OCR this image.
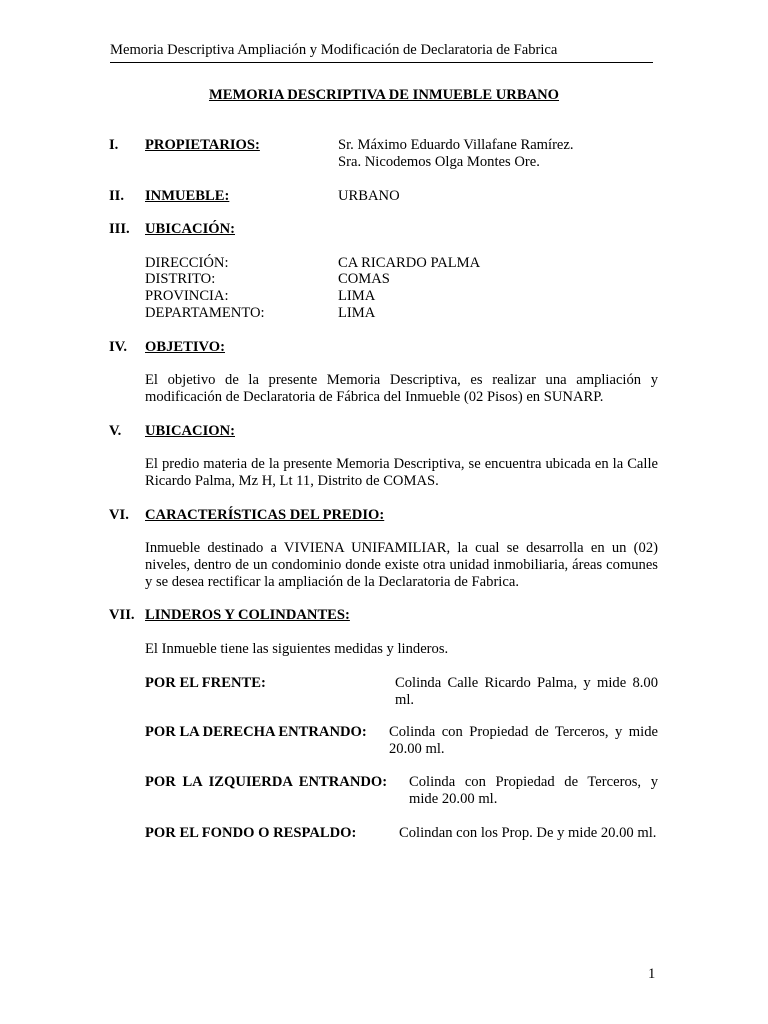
Memoria Descriptiva Ampliación y Modificación de Declaratoria de Fabrica
MEMORIA DESCRIPTIVA DE INMUEBLE URBANO
I. PROPIETARIOS:	Sr. Máximo Eduardo Villafane Ramírez.
Sra. Nicodemos Olga Montes Ore.
II. INMUEBLE:	URBANO
III. UBICACIÓN:
DIRECCIÓN:	CA RICARDO PALMA
DISTRITO:	COMAS
PROVINCIA:	LIMA
DEPARTAMENTO:	LIMA
IV. OBJETIVO:
El objetivo de la presente Memoria Descriptiva, es realizar una ampliación y modificación de Declaratoria de Fábrica del Inmueble (02 Pisos) en SUNARP.
V. UBICACION:
El predio materia de la presente Memoria Descriptiva, se encuentra ubicada en la Calle Ricardo Palma, Mz H, Lt 11, Distrito de COMAS.
VI. CARACTERÍSTICAS DEL PREDIO:
Inmueble destinado a VIVIENA UNIFAMILIAR, la cual se desarrolla en un (02) niveles, dentro de un condominio donde existe otra unidad inmobiliaria, áreas comunes y se desea rectificar la ampliación de la Declaratoria de Fabrica.
VII. LINDEROS Y COLINDANTES:
El Inmueble tiene las siguientes medidas y linderos.
POR EL FRENTE:	Colinda Calle Ricardo Palma, y mide 8.00 ml.
POR LA DERECHA ENTRANDO: Colinda con Propiedad de Terceros, y mide 20.00 ml.
POR LA IZQUIERDA ENTRANDO: Colinda con Propiedad de Terceros, y mide 20.00 ml.
POR EL FONDO O RESPALDO:	Colindan con los Prop. De y mide 20.00 ml.
1
